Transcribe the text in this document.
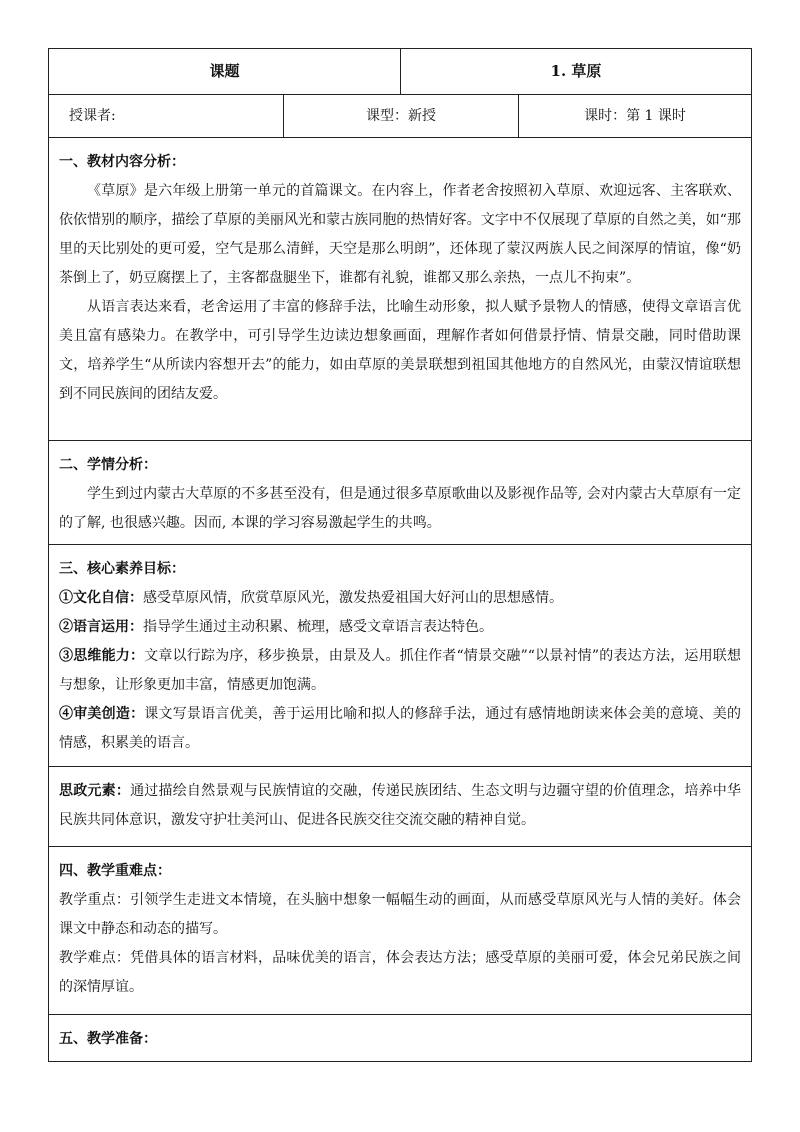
课题	1. 草原
授课者:	课型：新授	课时：第 1 课时
一、教材内容分析：
《草原》是六年级上册第一单元的首篇课文。在内容上，作者老舍按照初入草原、欢迎远客、主客联欢、依依惜别的顺序，描绘了草原的美丽风光和蒙古族同胞的热情好客。文字中不仅展现了草原的自然之美，如“那里的天比别处的更可爱，空气是那么清鲜，天空是那么明朗”，还体现了蒙汉两族人民之间深厚的情谊，像“奶茶倒上了，奶豆腐摆上了，主客都盘腿坐下，谁都有礼貌，谁都又那么亲热，一点儿不拘束”。
从语言表达来看，老舍运用了丰富的修辞手法，比喻生动形象，拟人赋予景物人的情感，使得文章语言优美且富有感染力。在教学中，可引导学生边读边想象画面，理解作者如何借景抒情、情景交融，同时借助课文，培养学生“从所读内容想开去”的能力，如由草原的美景联想到祖国其他地方的自然风光，由蒙汉情谊联想到不同民族间的团结友爱。
二、学情分析：
学生到过内蒙古大草原的不多甚至没有，但是通过很多草原歌曲以及影视作品等, 会对内蒙古大草原有一定的了解, 也很感兴趣。因而, 本课的学习容易激起学生的共鸣。
三、核心素养目标：
①文化自信：感受草原风情，欣赏草原风光，激发热爱祖国大好河山的思想感情。
②语言运用：指导学生通过主动积累、梳理，感受文章语言表达特色。
③思维能力：文章以行踪为序，移步换景，由景及人。抓住作者“情景交融”“以景衬情”的表达方法，运用联想与想象，让形象更加丰富，情感更加饱满。
④审美创造：课文写景语言优美，善于运用比喻和拟人的修辞手法，通过有感情地朗读来体会美的意境、美的情感，积累美的语言。
思政元素：通过描绘自然景观与民族情谊的交融，传递民族团结、生态文明与边疆守望的价值理念，培养中华民族共同体意识，激发守护壮美河山、促进各民族交往交流交融的精神自觉。
四、教学重难点：
教学重点：引领学生走进文本情境，在头脑中想象一幅幅生动的画面，从而感受草原风光与人情的美好。体会课文中静态和动态的描写。
教学难点：凭借具体的语言材料，品味优美的语言，体会表达方法；感受草原的美丽可爱，体会兄弟民族之间的深情厚谊。
五、教学准备：
